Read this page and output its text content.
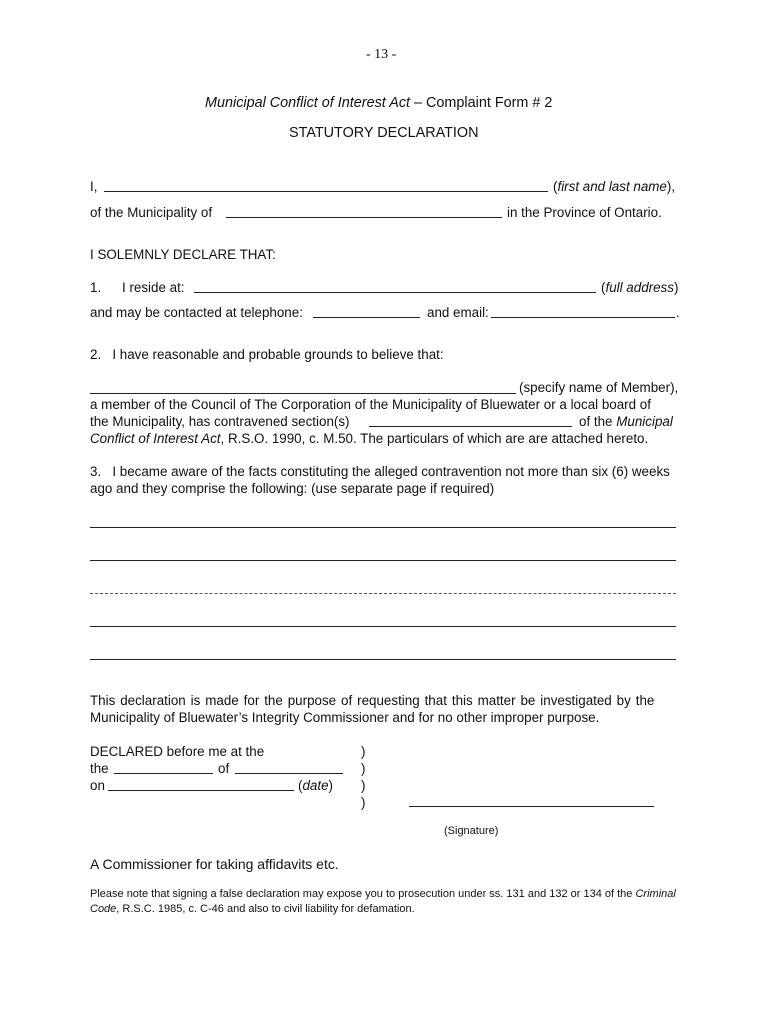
- 13 -
Municipal Conflict of Interest Act – Complaint Form # 2
STATUTORY DECLARATION
I,	(first and last name),
of the Municipality of	in the Province of Ontario.
I SOLEMNLY DECLARE THAT:
1. I reside at:	(full address)
and may be contacted at telephone:	and email:	.
2.   I have reasonable and probable grounds to believe that:
(specify name of Member),
a member of the Council of The Corporation of the Municipality of Bluewater or a local board of
the Municipality, has contravened section(s)	of the Municipal
Conflict of Interest Act, R.S.O. 1990, c. M.50. The particulars of which are are attached hereto.
3.   I became aware of the facts constituting the alleged contravention not more than six (6) weeks
ago and they comprise the following: (use separate page if required)
This declaration is made for the purpose of requesting that this matter be investigated by the
Municipality of Bluewater’s Integrity Commissioner and for no other improper purpose.
DECLARED before me at the
the	of
on	(date)
)
)
)
)
(Signature)
A Commissioner for taking affidavits etc.
Please note that signing a false declaration may expose you to prosecution under ss. 131 and 132 or 134 of the Criminal
Code, R.S.C. 1985, c. C-46 and also to civil liability for defamation.
